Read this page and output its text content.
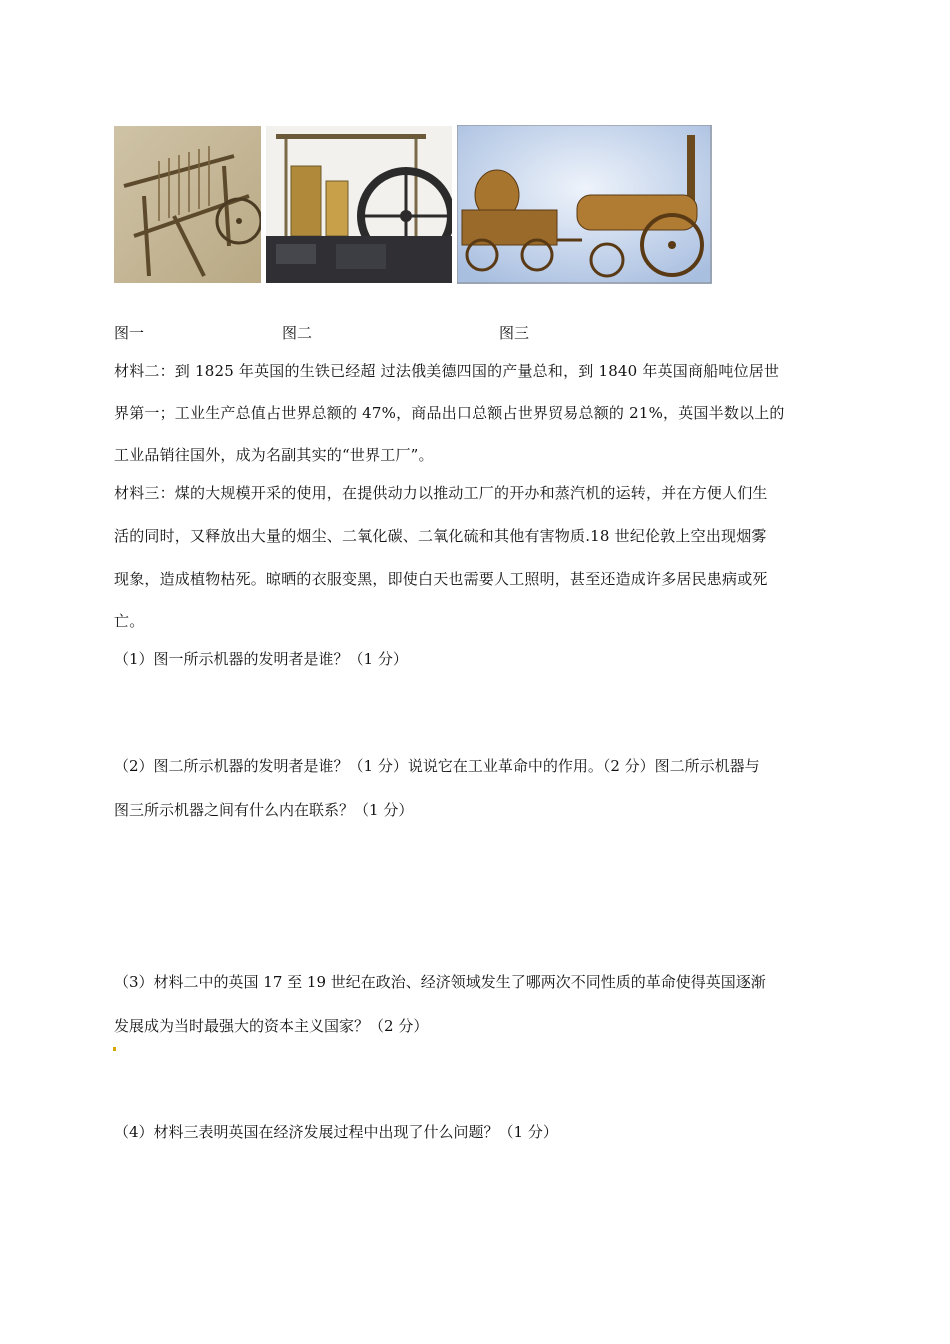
图一	图二	图三
材料二：到 1825 年英国的生铁已经超 过法俄美德四国的产量总和，到 1840 年英国商船吨位居世
界第一；工业生产总值占世界总额的 47%，商品出口总额占世界贸易总额的 21%，英国半数以上的
工业品销往国外，成为名副其实的“世界工厂”。
材料三：煤的大规模开采的使用，在提供动力以推动工厂的开办和蒸汽机的运转，并在方便人们生
活的同时，又释放出大量的烟尘、二氧化碳、二氧化硫和其他有害物质.18 世纪伦敦上空出现烟雾
现象，造成植物枯死。晾晒的衣服变黑，即使白天也需要人工照明，甚至还造成许多居民患病或死
亡。
（1）图一所示机器的发明者是谁？（1 分）
（2）图二所示机器的发明者是谁？（1 分）说说它在工业革命中的作用。（2 分）图二所示机器与
图三所示机器之间有什么内在联系？（1 分）
（3）材料二中的英国 17 至 19 世纪在政治、经济领域发生了哪两次不同性质的革命使得英国逐渐
发展成为当时最强大的资本主义国家？（2 分）
（4）材料三表明英国在经济发展过程中出现了什么问题？（1 分）
